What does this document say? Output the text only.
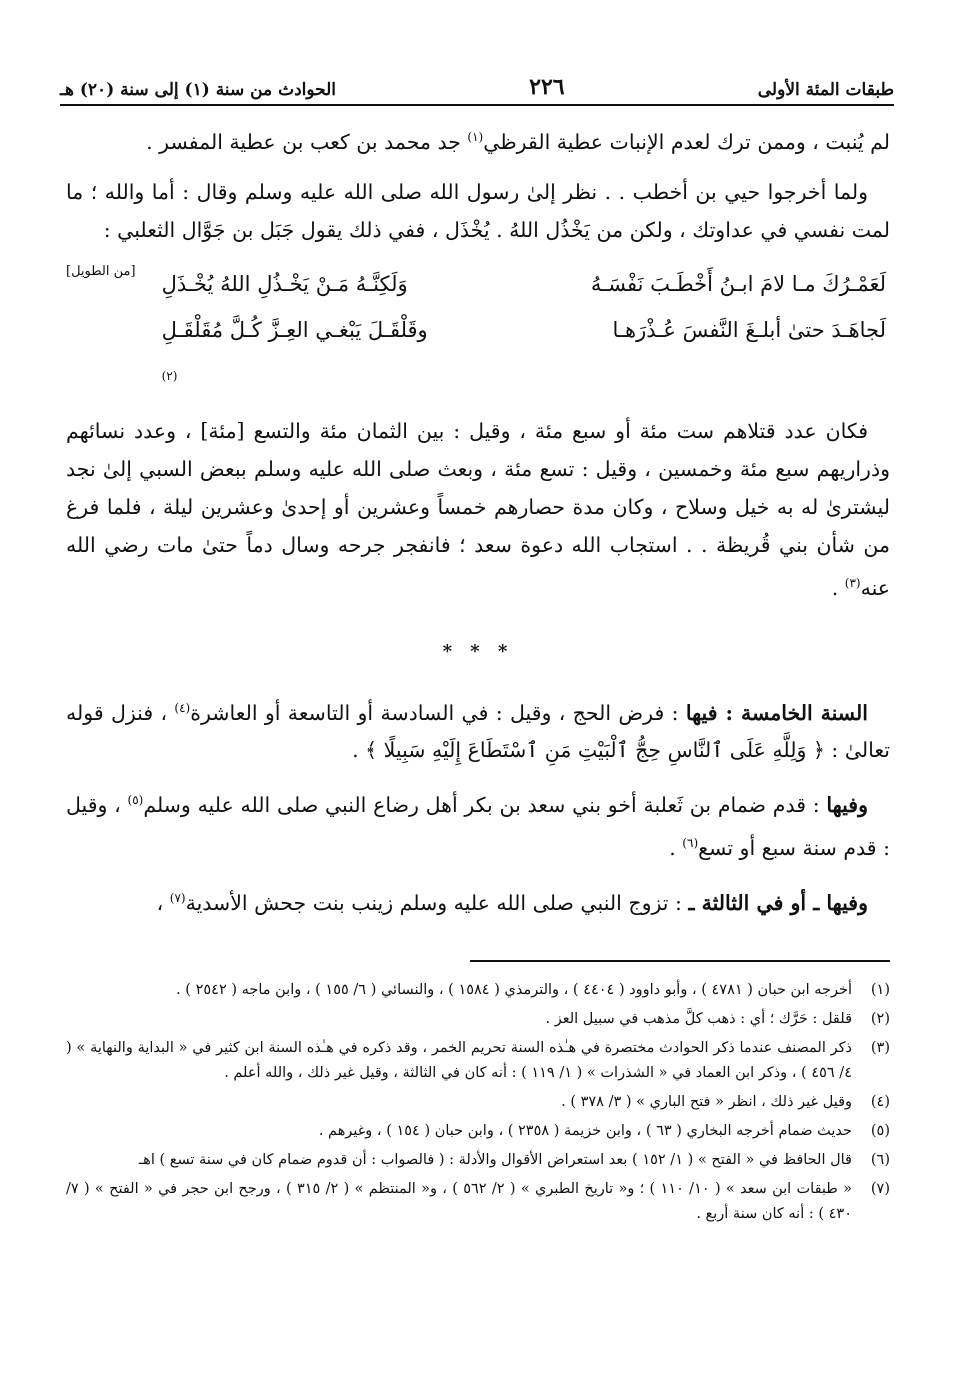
طبقات المئة الأولى
٢٢٦
الحوادث من سنة (١) إلى سنة (٢٠) هـ

لم يُنبت ، وممن ترك لعدم الإنبات عطية القرظي$^{(١)}$ جد محمد بن كعب بن عطية المفسر .

ولما أخرجوا حيي بن أخطب . . نظر إلىٰ رسول الله صلى الله عليه وسلم وقال : أما والله ؛ ما لمت نفسي في عداوتك ، ولكن من يَخْذُل اللهُ . يُخْذَل ، ففي ذلك يقول جَبَل بن جَوَّال الثعلبي :
[من الطويل]

لَعَمْـرُكَ مـا لامَ ابـنُ أَخْطَـبَ نَفْسَـهُ
لَجاهَـدَ حتىٰ أبلـغَ النَّفسَ عُـذْرَهـا
وَلَكِنَّـهُ مَـنْ يَخْـذُلِ اللهُ يُخْـذَلِ
وقَلْقَـلَ يَبْغـي العِـزَّ كُـلَّ مُقَلْقَـلِ
$^{(٢)}$

فكان عدد قتلاهم ست مئة أو سبع مئة ، وقيل : بين الثمان مئة والتسع [مئة] ، وعدد نسائهم وذراريهم سبع مئة وخمسين ، وقيل : تسع مئة ، وبعث صلى الله عليه وسلم ببعض السبي إلىٰ نجد ليشترىٰ له به خيل وسلاح ، وكان مدة حصارهم خمساً وعشرين أو إحدىٰ وعشرين ليلة ، فلما فرغ من شأن بني قُريظة . . استجاب الله دعوة سعد ؛ فانفجر جرحه وسال دماً حتىٰ مات رضي الله عنه$^{(٣)}$ .

* * *

السنة الخامسة : فيها : فرض الحج ، وقيل : في السادسة أو التاسعة أو العاشرة$^{(٤)}$ ، فنزل قوله تعالىٰ : ﴿ وَلِلَّهِ عَلَى ٱلنَّاسِ حِجُّ ٱلْبَيْتِ مَنِ ٱسْتَطَاعَ إِلَيْهِ سَبِيلًا ﴾ .

وفيها : قدم ضمام بن ثَعلبة أخو بني سعد بن بكر أهل رضاع النبي صلى الله عليه وسلم$^{(٥)}$ ، وقيل : قدم سنة سبع أو تسع$^{(٦)}$ .

وفيها ـ أو في الثالثة ـ : تزوج النبي صلى الله عليه وسلم زينب بنت جحش الأسدية$^{(٧)}$ ،

(١)
أخرجه ابن حبان ( ٤٧٨١ ) ، وأبو داوود ( ٤٤٠٤ ) ، والترمذي ( ١٥٨٤ ) ، والنسائي ( ٦/ ١٥٥ ) ، وابن ماجه ( ٢٥٤٢ ) .
(٢)
قلقل : حَرَّك ؛ أي : ذهب كلَّ مذهب في سبيل العز .
(٣)
ذكر المصنف عندما ذكر الحوادث مختصرة في هـٰذه السنة تحريم الخمر ، وقد ذكره في هـٰذه السنة ابن كثير في « البداية والنهاية » ( ٤/ ٤٥٦ ) ، وذكر ابن العماد في « الشذرات » ( ١/ ١١٩ ) : أنه كان في الثالثة ، وقيل غير ذلك ، والله أعلم .
(٤)
وقيل غير ذلك ، انظر « فتح الباري » ( ٣/ ٣٧٨ ) .
(٥)
حديث ضمام أخرجه البخاري ( ٦٣ ) ، وابن خزيمة ( ٢٣٥٨ ) ، وابن حبان ( ١٥٤ ) ، وغيرهم .
(٦)
قال الحافظ في « الفتح » ( ١/ ١٥٢ ) بعد استعراض الأقوال والأدلة : ( فالصواب : أن قدوم ضمام كان في سنة تسع ) اهـ
(٧)
« طبقات ابن سعد » ( ١٠/ ١١٠ ) ؛ و« تاريخ الطبري » ( ٢/ ٥٦٢ ) ، و« المنتظم » ( ٢/ ٣١٥ ) ، ورجح ابن حجر في « الفتح » ( ٧/ ٤٣٠ ) : أنه كان سنة أربع .
